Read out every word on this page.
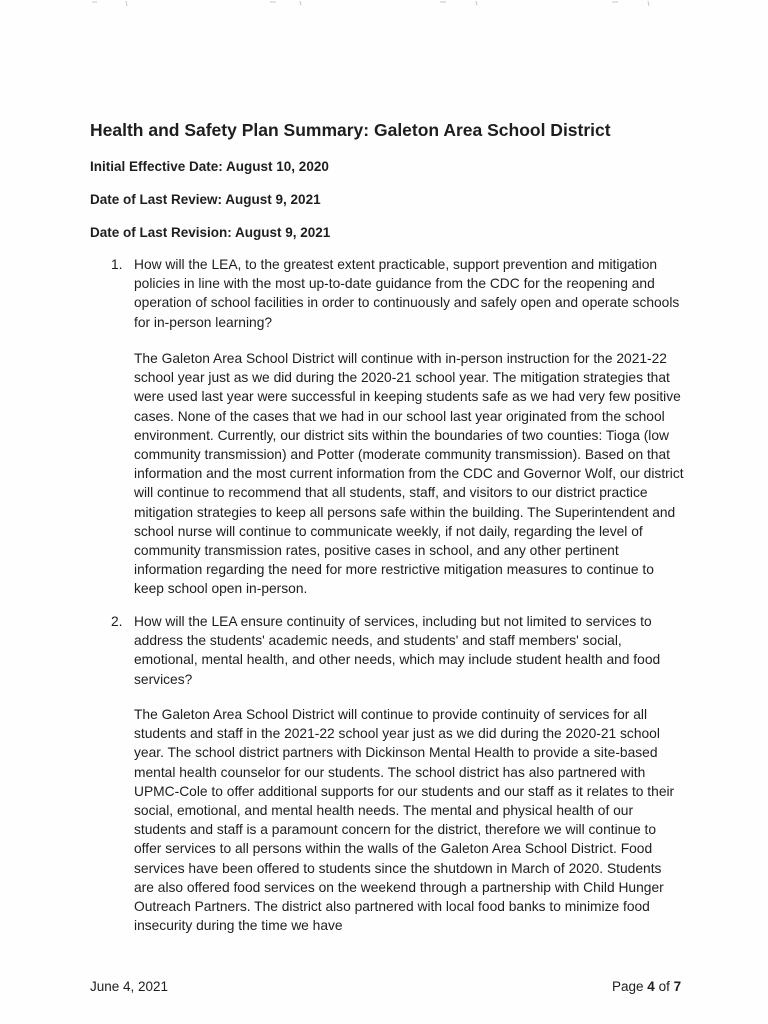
Health and Safety Plan Summary: Galeton Area School District
Initial Effective Date: August 10, 2020
Date of Last Review: August 9, 2021
Date of Last Revision: August 9, 2021
1. How will the LEA, to the greatest extent practicable, support prevention and mitigation policies in line with the most up-to-date guidance from the CDC for the reopening and operation of school facilities in order to continuously and safely open and operate schools for in-person learning?

The Galeton Area School District will continue with in-person instruction for the 2021-22 school year just as we did during the 2020-21 school year. The mitigation strategies that were used last year were successful in keeping students safe as we had very few positive cases. None of the cases that we had in our school last year originated from the school environment. Currently, our district sits within the boundaries of two counties: Tioga (low community transmission) and Potter (moderate community transmission). Based on that information and the most current information from the CDC and Governor Wolf, our district will continue to recommend that all students, staff, and visitors to our district practice mitigation strategies to keep all persons safe within the building. The Superintendent and school nurse will continue to communicate weekly, if not daily, regarding the level of community transmission rates, positive cases in school, and any other pertinent information regarding the need for more restrictive mitigation measures to continue to keep school open in-person.

2. How will the LEA ensure continuity of services, including but not limited to services to address the students' academic needs, and students' and staff members' social, emotional, mental health, and other needs, which may include student health and food services?

The Galeton Area School District will continue to provide continuity of services for all students and staff in the 2021-22 school year just as we did during the 2020-21 school year. The school district partners with Dickinson Mental Health to provide a site-based mental health counselor for our students. The school district has also partnered with UPMC-Cole to offer additional supports for our students and our staff as it relates to their social, emotional, and mental health needs. The mental and physical health of our students and staff is a paramount concern for the district, therefore we will continue to offer services to all persons within the walls of the Galeton Area School District. Food services have been offered to students since the shutdown in March of 2020. Students are also offered food services on the weekend through a partnership with Child Hunger Outreach Partners. The district also partnered with local food banks to minimize food insecurity during the time we have

June 4, 2021	Page 4 of 7
